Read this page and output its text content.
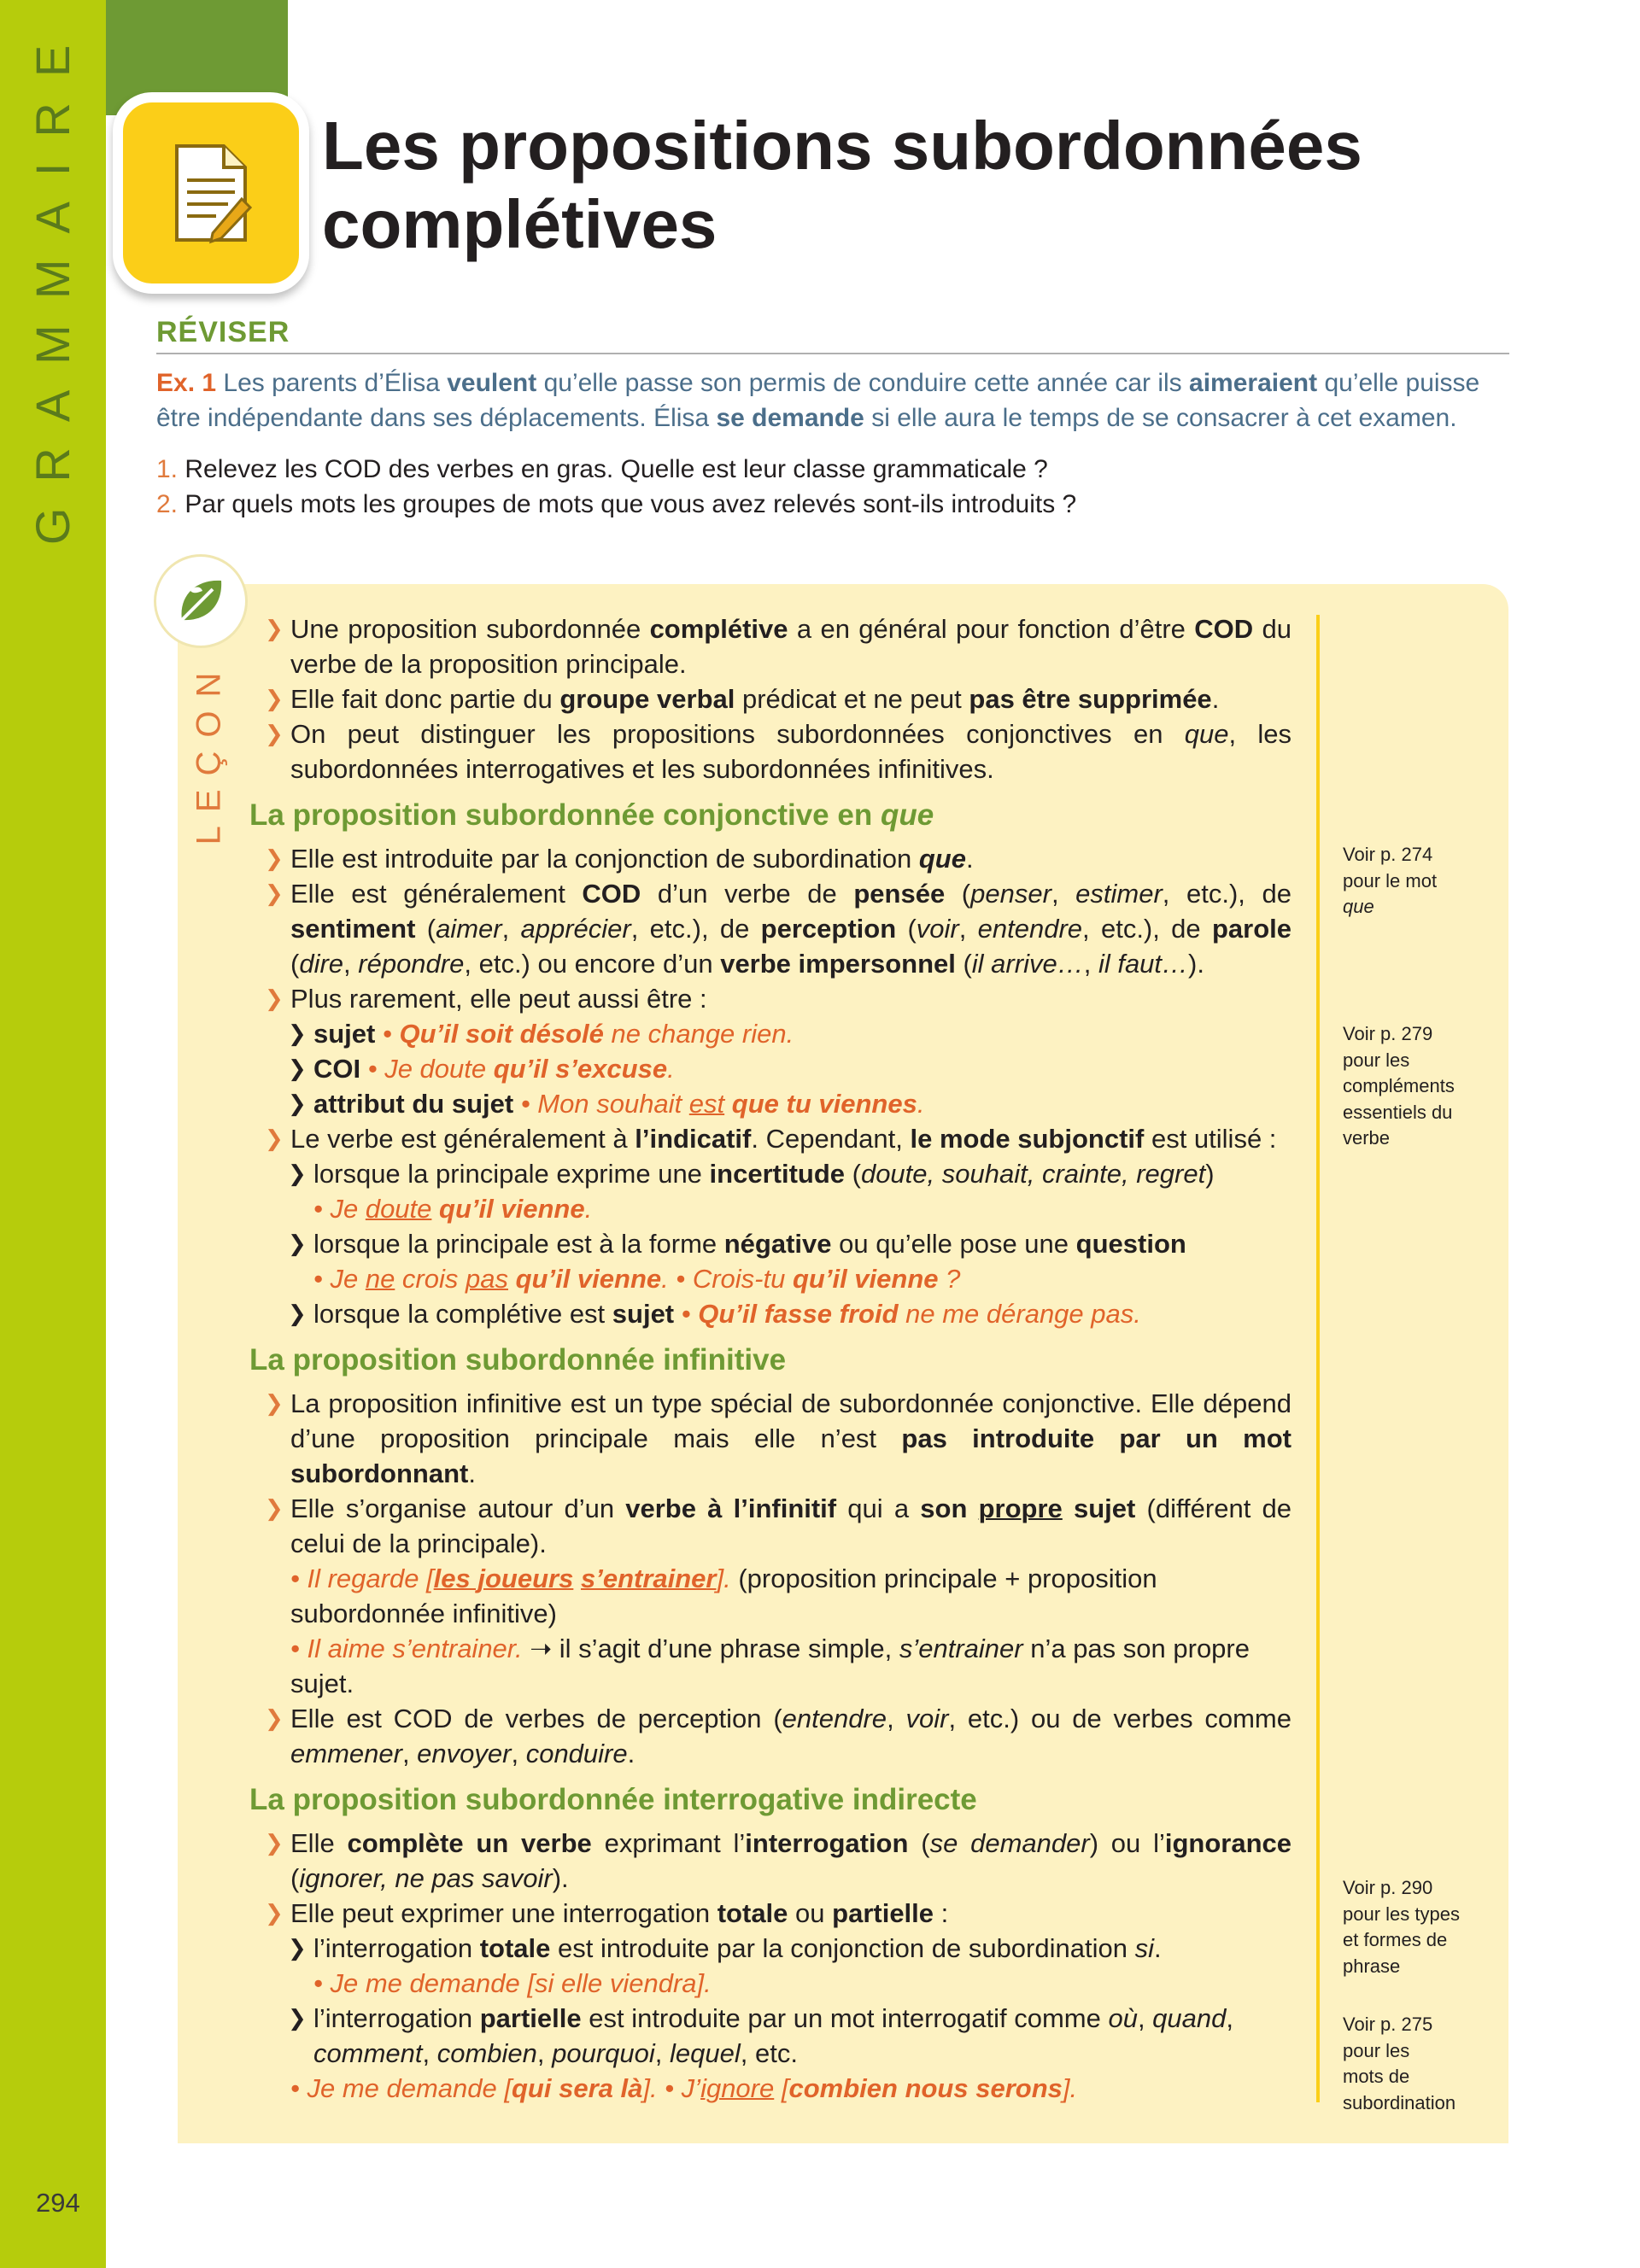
GRAMMAIRE
294
Les propositions subordonnées
complétives
RÉVISER
Ex. 1 Les parents d’Élisa veulent qu’elle passe son permis de conduire cette année car ils aimeraient qu’elle puisse être indépendante dans ses déplacements. Élisa se demande si elle aura le temps de se consacrer à cet examen.
1. Relevez les COD des verbes en gras. Quelle est leur classe grammaticale ?
2. Par quels mots les groupes de mots que vous avez relevés sont-ils introduits ?
LEÇON

❯ Une proposition subordonnée complétive a en général pour fonction d’être COD du verbe de la proposition principale.

❯ Elle fait donc partie du groupe verbal prédicat et ne peut pas être supprimée.

❯ On peut distinguer les propositions subordonnées conjonctives en que, les subordonnées interrogatives et les subordonnées infinitives.

La proposition subordonnée conjonctive en que

❯ Elle est introduite par la conjonction de subordination que.

❯ Elle est généralement COD d’un verbe de pensée (penser, estimer, etc.), de sentiment (aimer, apprécier, etc.), de perception (voir, entendre, etc.), de parole (dire, répondre, etc.) ou encore d’un verbe impersonnel (il arrive…, il faut…).

❯ Plus rarement, elle peut aussi être :

❯ sujet • Qu’il soit désolé ne change rien.

❯ COI • Je doute qu’il s’excuse.

❯ attribut du sujet • Mon souhait est que tu viennes.

❯ Le verbe est généralement à l’indicatif. Cependant, le mode subjonctif est utilisé :

❯ lorsque la principale exprime une incertitude (doute, souhait, crainte, regret)

• Je doute qu’il vienne.

❯ lorsque la principale est à la forme négative ou qu’elle pose une question

• Je ne crois pas qu’il vienne. • Crois-tu qu’il vienne ?

❯ lorsque la complétive est sujet • Qu’il fasse froid ne me dérange pas.

La proposition subordonnée infinitive

❯ La proposition infinitive est un type spécial de subordonnée conjonctive. Elle dépend d’une proposition principale mais elle n’est pas introduite par un mot subordonnant.

❯ Elle s’organise autour d’un verbe à l’infinitif qui a son propre sujet (différent de celui de la principale).

• Il regarde [les joueurs s’entrainer]. (proposition principale + proposition subordonnée infinitive)

• Il aime s’entrainer. ➝ il s’agit d’une phrase simple, s’entrainer n’a pas son propre sujet.

❯ Elle est COD de verbes de perception (entendre, voir, etc.) ou de verbes comme emmener, envoyer, conduire.

La proposition subordonnée interrogative indirecte

❯ Elle complète un verbe exprimant l’interrogation (se demander) ou l’ignorance (ignorer, ne pas savoir).

❯ Elle peut exprimer une interrogation totale ou partielle :

❯ l’interrogation totale est introduite par la conjonction de subordination si.

• Je me demande [si elle viendra].

❯ l’interrogation partielle est introduite par un mot interrogatif comme où, quand, comment, combien, pourquoi, lequel, etc.

• Je me demande [qui sera là]. • J’ignore [combien nous serons].

Voir p. 274
pour le mot
que
Voir p. 279
pour les
compléments
essentiels du
verbe
Voir p. 290
pour les types
et formes de
phrase
Voir p. 275
pour les
mots de
subordination
